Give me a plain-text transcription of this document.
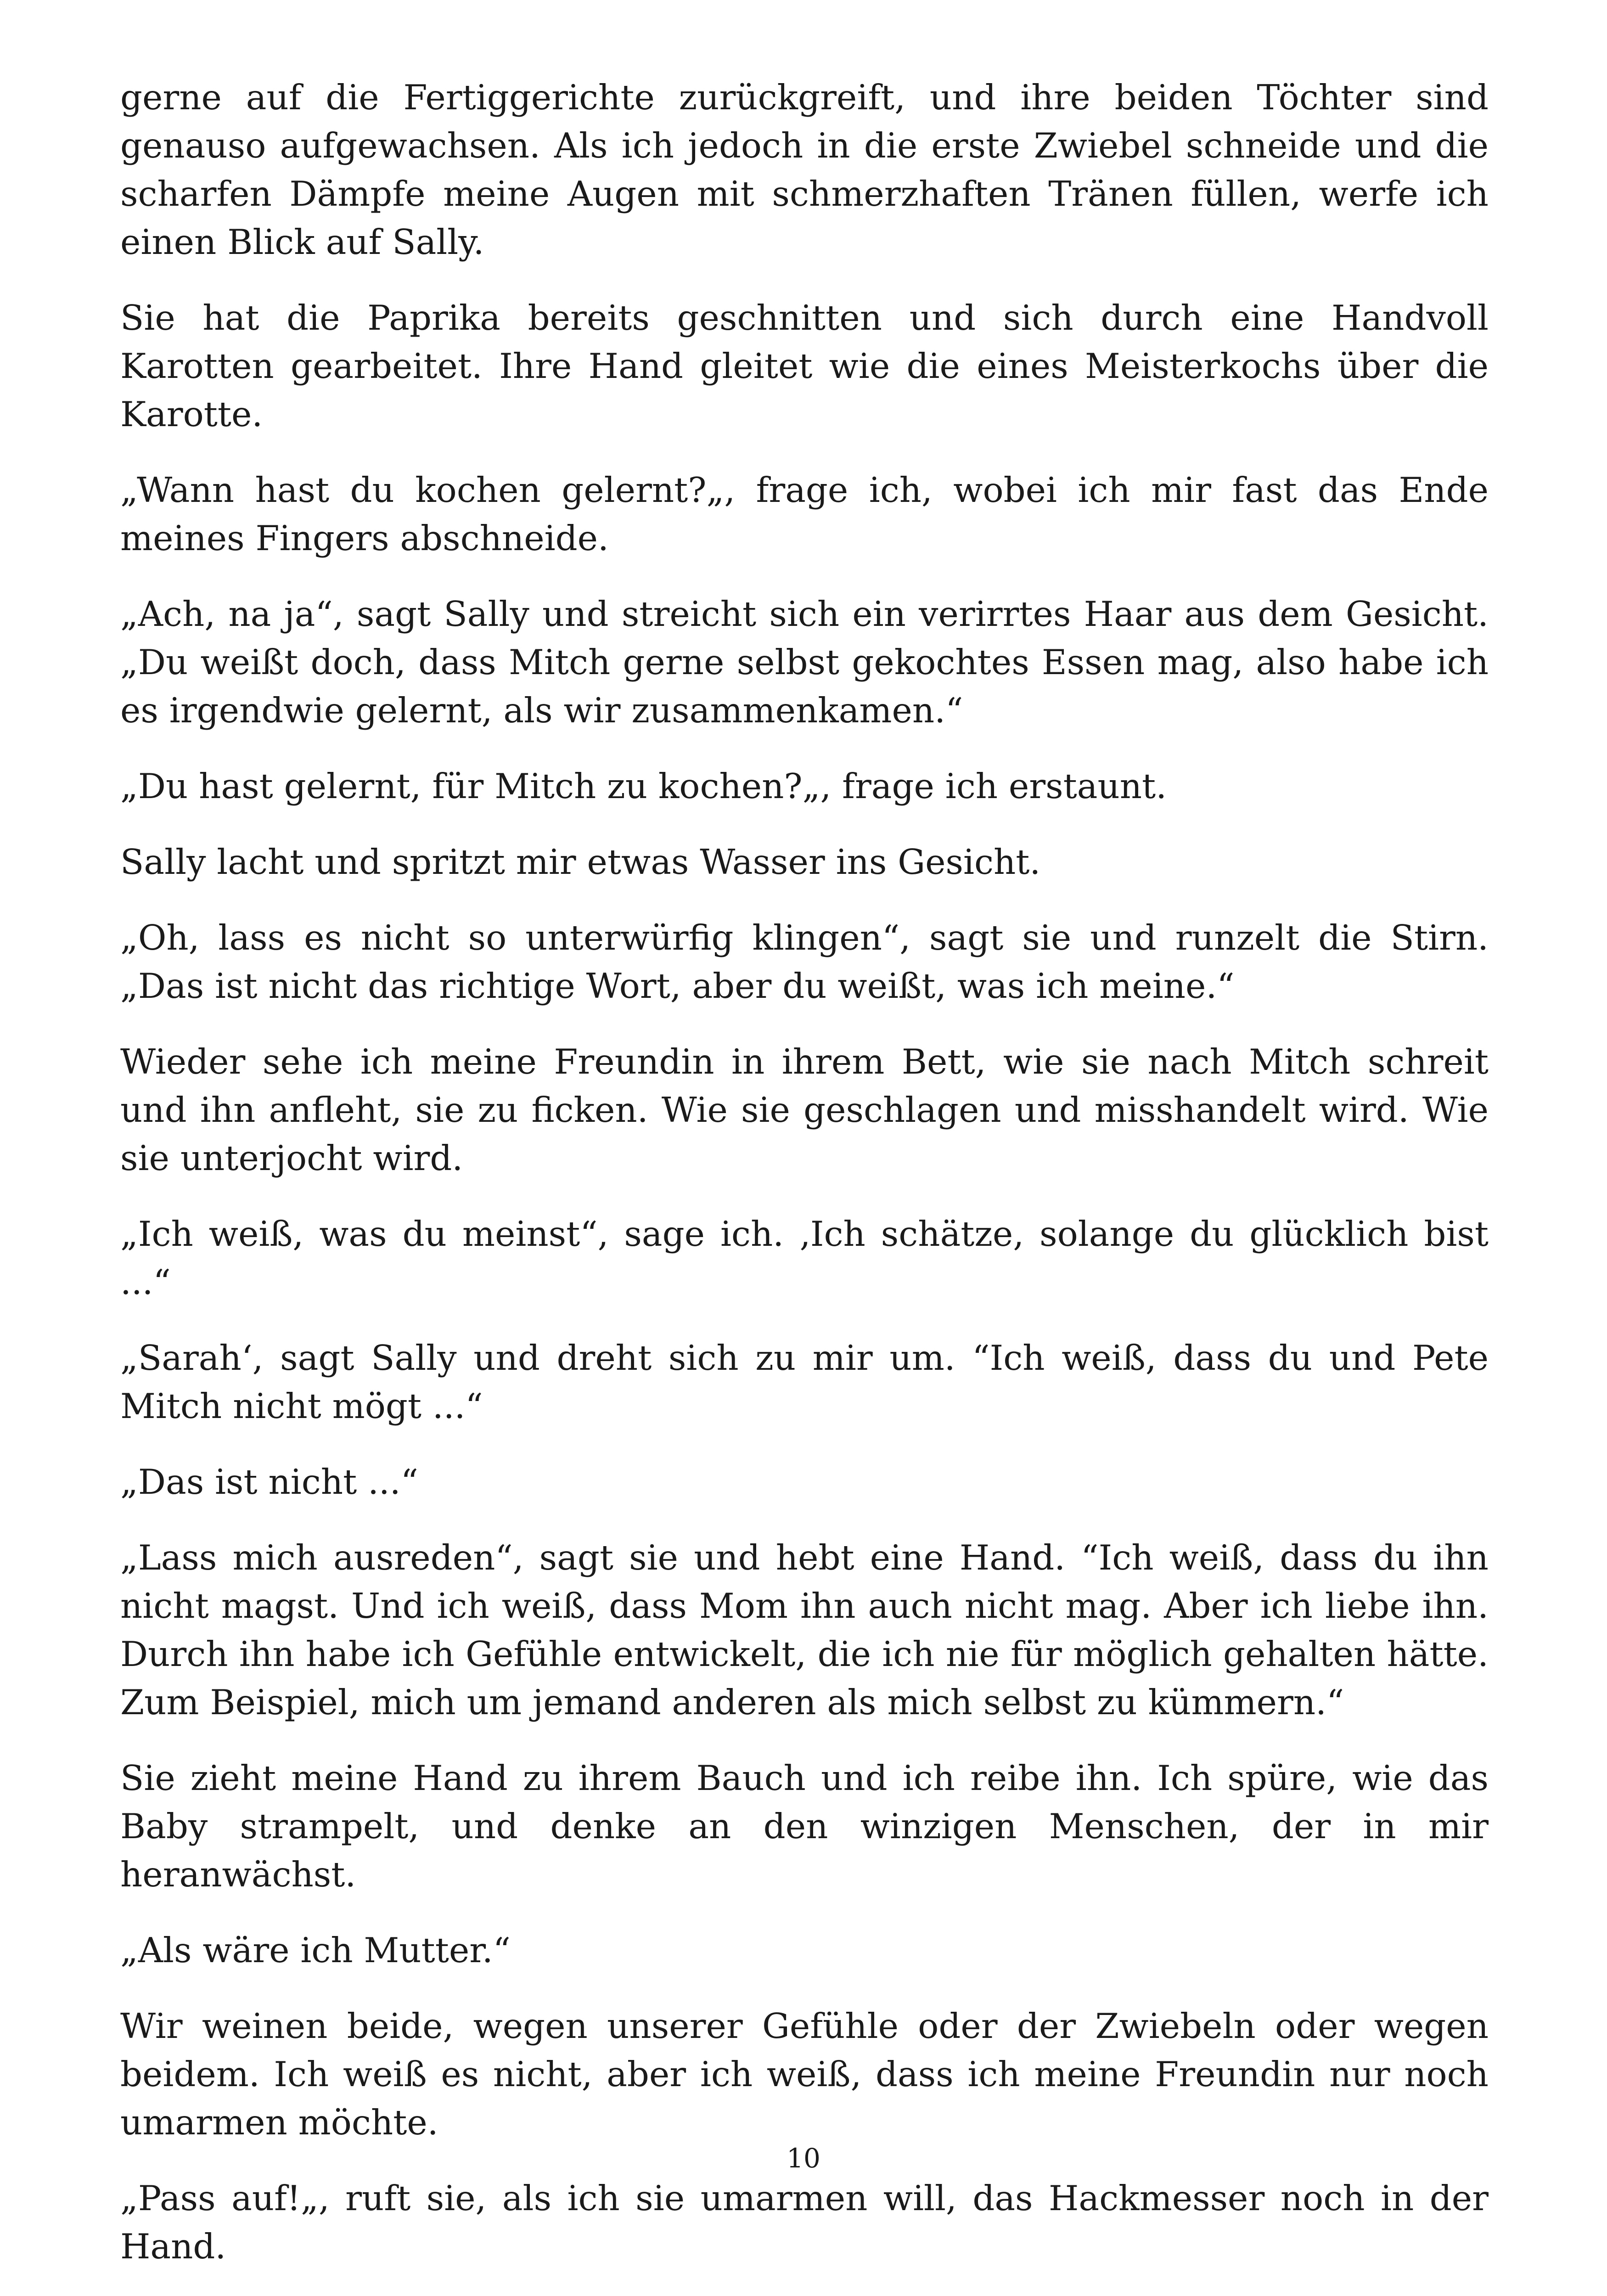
gerne auf die Fertiggerichte zurückgreift, und ihre beiden Töchter sind genauso aufgewachsen. Als ich jedoch in die erste Zwiebel schneide und die scharfen Dämpfe meine Augen mit schmerzhaften Tränen füllen, werfe ich einen Blick auf Sally.

Sie hat die Paprika bereits geschnitten und sich durch eine Handvoll Karotten gearbeitet. Ihre Hand gleitet wie die eines Meisterkochs über die Karotte.

„Wann hast du kochen gelernt?„, frage ich, wobei ich mir fast das Ende meines Fingers abschneide.

„Ach, na ja“, sagt Sally und streicht sich ein verirrtes Haar aus dem Gesicht. „Du weißt doch, dass Mitch gerne selbst gekochtes Essen mag, also habe ich es irgendwie gelernt, als wir zusammenkamen.“

„Du hast gelernt, für Mitch zu kochen?„, frage ich erstaunt.

Sally lacht und spritzt mir etwas Wasser ins Gesicht.

„Oh, lass es nicht so unterwürfig klingen“, sagt sie und runzelt die Stirn. „Das ist nicht das richtige Wort, aber du weißt, was ich meine.“

Wieder sehe ich meine Freundin in ihrem Bett, wie sie nach Mitch schreit und ihn anfleht, sie zu ficken. Wie sie geschlagen und misshandelt wird. Wie sie unterjocht wird.

„Ich weiß, was du meinst“, sage ich. ‚Ich schätze, solange du glücklich bist ...“

„Sarah‘, sagt Sally und dreht sich zu mir um. “Ich weiß, dass du und Pete Mitch nicht mögt ...“

„Das ist nicht ...“

„Lass mich ausreden“, sagt sie und hebt eine Hand. “Ich weiß, dass du ihn nicht magst. Und ich weiß, dass Mom ihn auch nicht mag. Aber ich liebe ihn. Durch ihn habe ich Gefühle entwickelt, die ich nie für möglich gehalten hätte. Zum Beispiel, mich um jemand anderen als mich selbst zu kümmern.“

Sie zieht meine Hand zu ihrem Bauch und ich reibe ihn. Ich spüre, wie das Baby strampelt, und denke an den winzigen Menschen, der in mir heranwächst.

„Als wäre ich Mutter.“

Wir weinen beide, wegen unserer Gefühle oder der Zwiebeln oder wegen beidem. Ich weiß es nicht, aber ich weiß, dass ich meine Freundin nur noch umarmen möchte.

„Pass auf!„, ruft sie, als ich sie umarmen will, das Hackmesser noch in der Hand.

10
